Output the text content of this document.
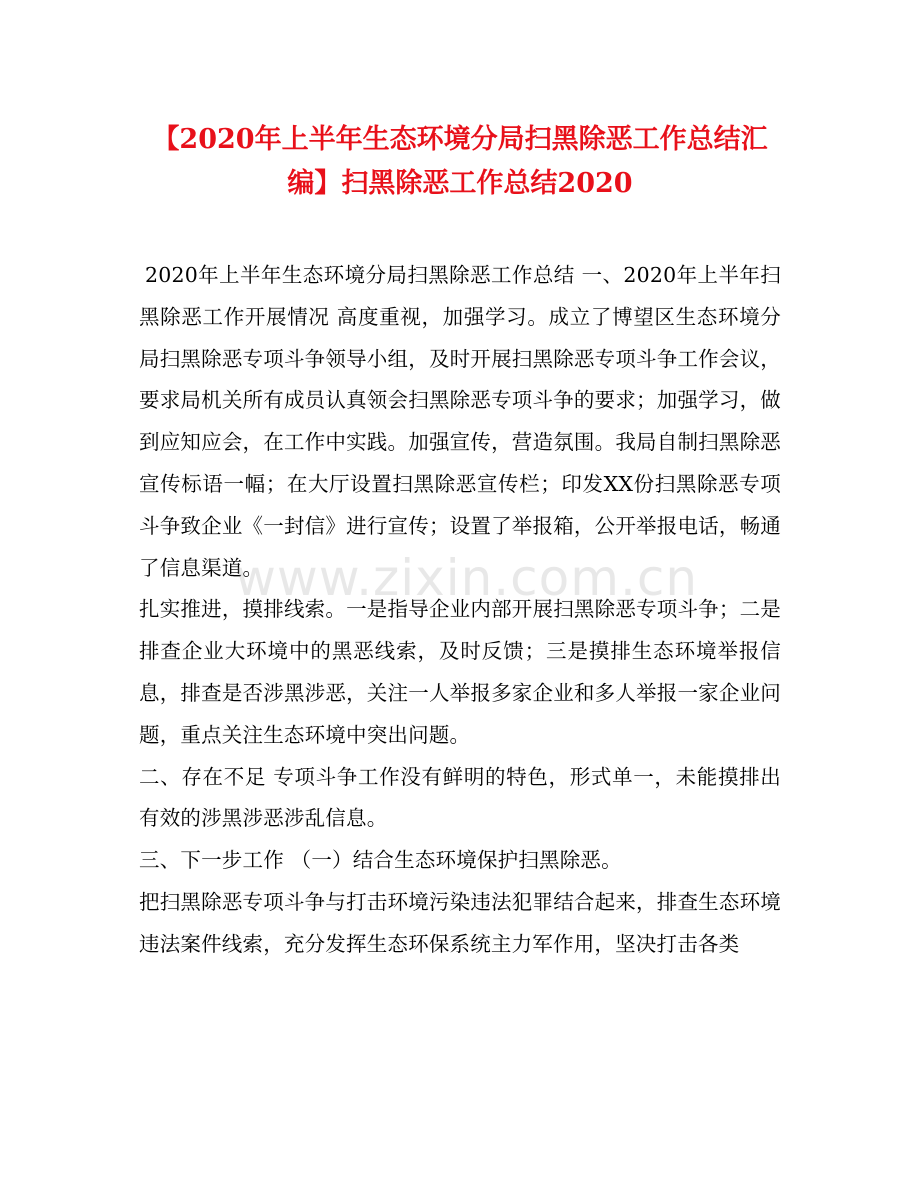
【2020年上半年生态环境分局扫黑除恶工作总结汇编】扫黑除恶工作总结2020

2020年上半年生态环境分局扫黑除恶工作总结 一、2020年上半年扫黑除恶工作开展情况 高度重视，加强学习。成立了博望区生态环境分局扫黑除恶专项斗争领导小组，及时开展扫黑除恶专项斗争工作会议，要求局机关所有成员认真领会扫黑除恶专项斗争的要求；加强学习，做到应知应会，在工作中实践。加强宣传，营造氛围。我局自制扫黑除恶宣传标语一幅；在大厅设置扫黑除恶宣传栏；印发XX份扫黑除恶专项斗争致企业《一封信》进行宣传；设置了举报箱，公开举报电话，畅通了信息渠道。

扎实推进，摸排线索。一是指导企业内部开展扫黑除恶专项斗争；二是排查企业大环境中的黑恶线索，及时反馈；三是摸排生态环境举报信息，排查是否涉黑涉恶，关注一人举报多家企业和多人举报一家企业问题，重点关注生态环境中突出问题。

二、存在不足 专项斗争工作没有鲜明的特色，形式单一，未能摸排出有效的涉黑涉恶涉乱信息。

三、下一步工作 （一）结合生态环境保护扫黑除恶。

把扫黑除恶专项斗争与打击环境污染违法犯罪结合起来，排查生态环境违法案件线索，充分发挥生态环保系统主力军作用，坚决打击各类

www.zixin.com.cn
